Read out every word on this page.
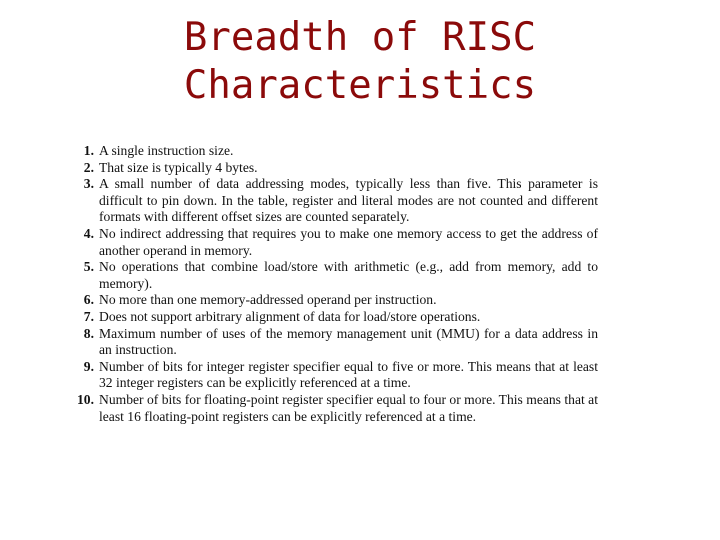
Breadth of RISC
Characteristics
1. A single instruction size.
2. That size is typically 4 bytes.
3. A small number of data addressing modes, typically less than five. This parameter is difficult to pin down. In the table, register and literal modes are not counted and different formats with different offset sizes are counted separately.
4. No indirect addressing that requires you to make one memory access to get the address of another operand in memory.
5. No operations that combine load/store with arithmetic (e.g., add from memory, add to memory).
6. No more than one memory-addressed operand per instruction.
7. Does not support arbitrary alignment of data for load/store operations.
8. Maximum number of uses of the memory management unit (MMU) for a data address in an instruction.
9. Number of bits for integer register specifier equal to five or more. This means that at least 32 integer registers can be explicitly referenced at a time.
10. Number of bits for floating-point register specifier equal to four or more. This means that at least 16 floating-point registers can be explicitly referenced at a time.
